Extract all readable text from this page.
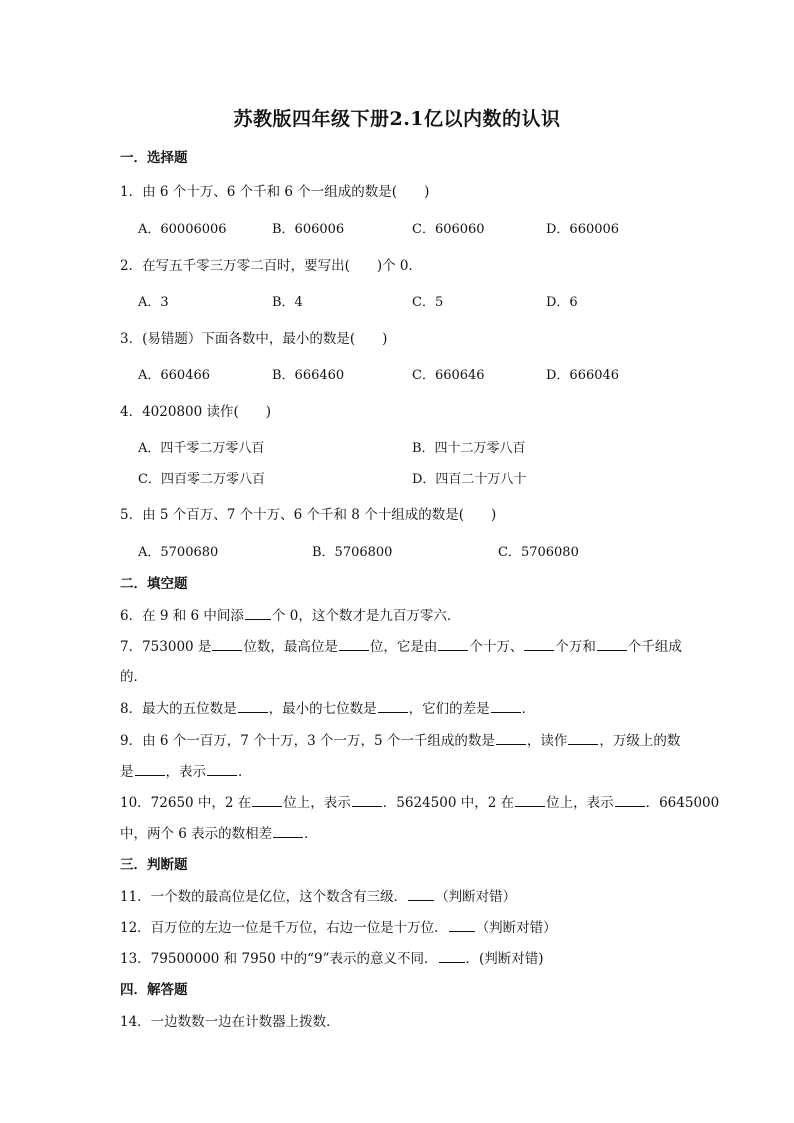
苏教版四年级下册2.1亿以内数的认识
一．选择题
1．由 6 个十万、6 个千和 6 个一组成的数是(　　)
A．60006006	B．606006	C．606060	D．660006
2．在写五千零三万零二百时，要写出(　　)个 0．
A．3	B．4	C．5	D．6
3．(易错题）下面各数中，最小的数是(　　)
A．660466	B．666460	C．660646	D．666046
4．4020800 读作(　　)
A．四千零二万零八百	B．四十二万零八百
C．四百零二万零八百	D．四百二十万八十
5．由 5 个百万、7 个十万、6 个千和 8 个十组成的数是(　　)
A．5700680	B．5706800	C．5706080
二．填空题
6．在 9 和 6 中间添 个 0，这个数才是九百万零六．
7．753000 是 位数，最高位是 位，它是由 个十万、 个万和 个千组成
的．
8．最大的五位数是 ，最小的七位数是 ，它们的差是 ．
9．由 6 个一百万，7 个十万，3 个一万，5 个一千组成的数是 ，读作 ，万级上的数
是 ，表示 ．
10．72650 中，2 在 位上，表示 ．5624500 中，2 在 位上，表示 ．6645000
中，两个 6 表示的数相差 ．
三．判断题
11．一个数的最高位是亿位，这个数含有三级． （判断对错）
12．百万位的左边一位是千万位，右边一位是十万位． （判断对错）
13．79500000 和 7950 中的“9”表示的意义不同． ．(判断对错)
四．解答题
14．一边数数一边在计数器上拨数．
